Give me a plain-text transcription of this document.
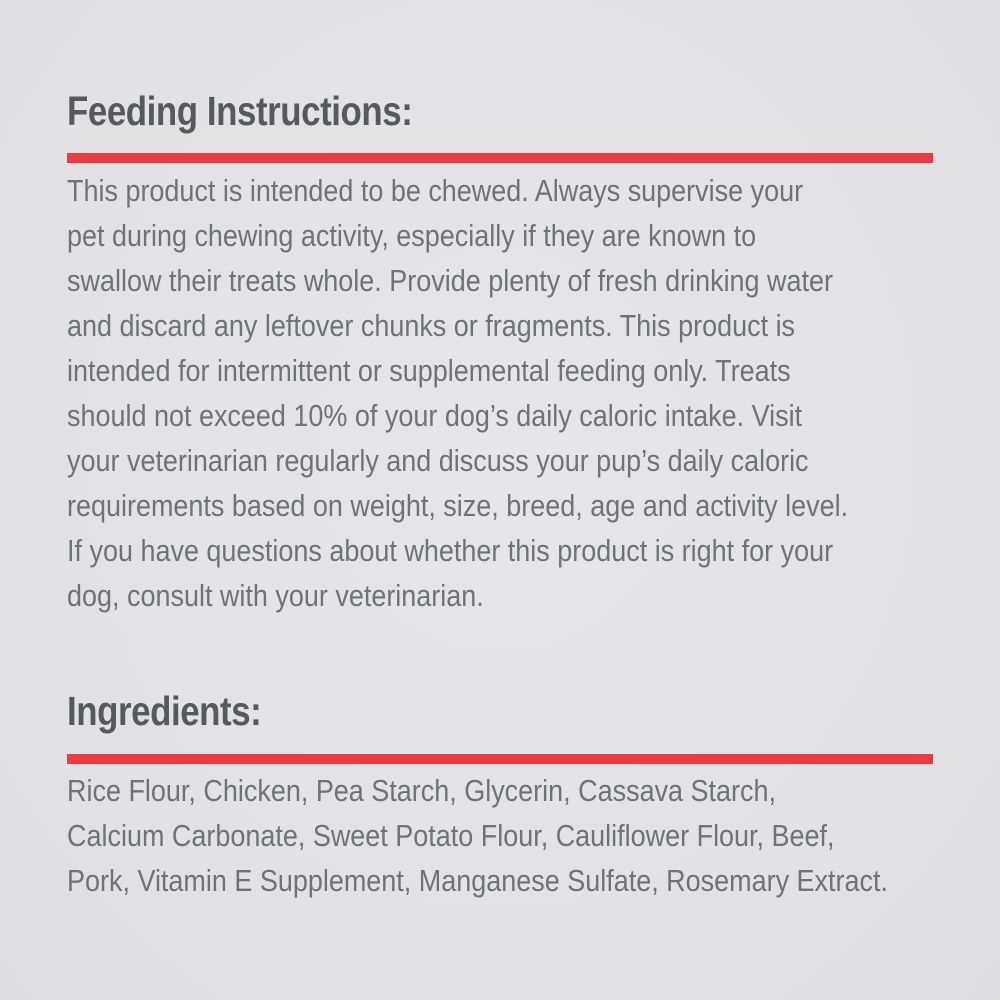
Feeding Instructions:
This product is intended to be chewed. Always supervise your
pet during chewing activity, especially if they are known to
swallow their treats whole. Provide plenty of fresh drinking water
and discard any leftover chunks or fragments. This product is
intended for intermittent or supplemental feeding only. Treats
should not exceed 10% of your dog’s daily caloric intake. Visit
your veterinarian regularly and discuss your pup’s daily caloric
requirements based on weight, size, breed, age and activity level.
If you have questions about whether this product is right for your
dog, consult with your veterinarian.
Ingredients:
Rice Flour, Chicken, Pea Starch, Glycerin, Cassava Starch,
Calcium Carbonate, Sweet Potato Flour, Cauliflower Flour, Beef,
Pork, Vitamin E Supplement, Manganese Sulfate, Rosemary Extract.
